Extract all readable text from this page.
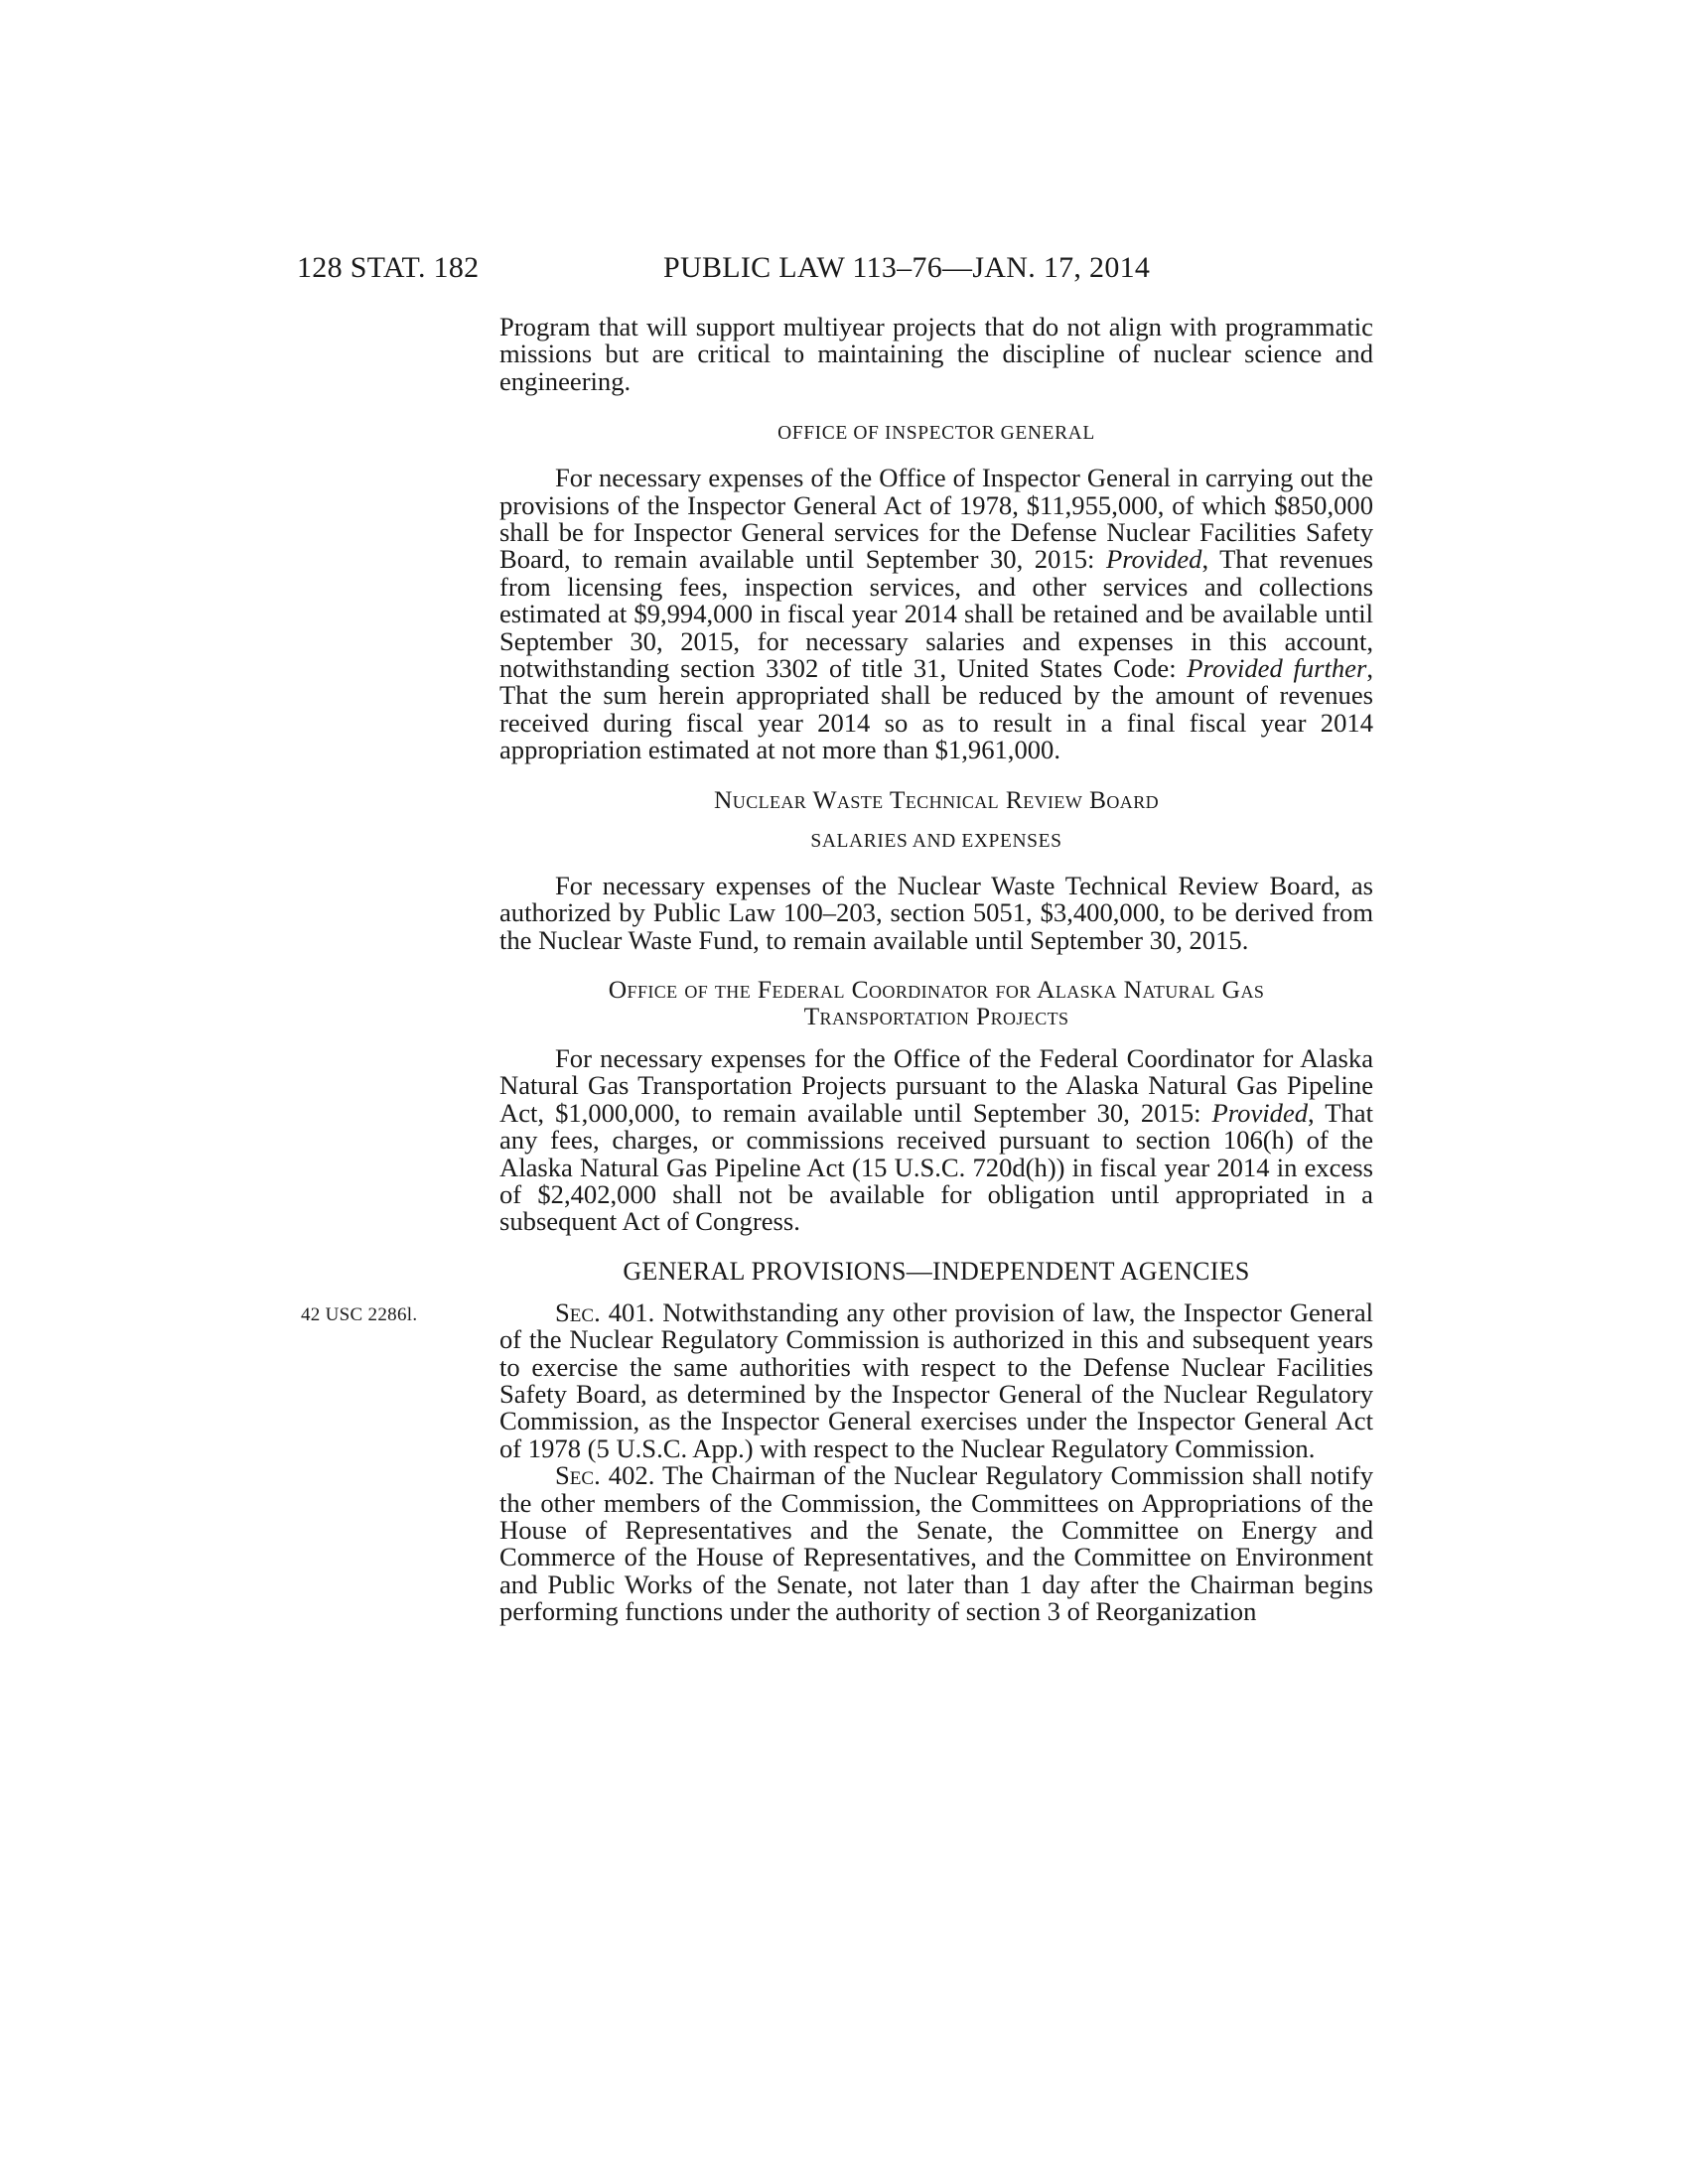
128 STAT. 182	PUBLIC LAW 113–76—JAN. 17, 2014

Program that will support multiyear projects that do not align with programmatic missions but are critical to maintaining the discipline of nuclear science and engineering.

OFFICE OF INSPECTOR GENERAL

For necessary expenses of the Office of Inspector General in carrying out the provisions of the Inspector General Act of 1978, $11,955,000, of which $850,000 shall be for Inspector General services for the Defense Nuclear Facilities Safety Board, to remain available until September 30, 2015: Provided, That revenues from licensing fees, inspection services, and other services and collections estimated at $9,994,000 in fiscal year 2014 shall be retained and be available until September 30, 2015, for necessary salaries and expenses in this account, notwithstanding section 3302 of title 31, United States Code: Provided further, That the sum herein appropriated shall be reduced by the amount of revenues received during fiscal year 2014 so as to result in a final fiscal year 2014 appropriation estimated at not more than $1,961,000.

Nuclear Waste Technical Review Board
SALARIES AND EXPENSES

For necessary expenses of the Nuclear Waste Technical Review Board, as authorized by Public Law 100–203, section 5051, $3,400,000, to be derived from the Nuclear Waste Fund, to remain available until September 30, 2015.

Office of the Federal Coordinator for Alaska Natural Gas
Transportation Projects

For necessary expenses for the Office of the Federal Coordinator for Alaska Natural Gas Transportation Projects pursuant to the Alaska Natural Gas Pipeline Act, $1,000,000, to remain available until September 30, 2015: Provided, That any fees, charges, or commissions received pursuant to section 106(h) of the Alaska Natural Gas Pipeline Act (15 U.S.C. 720d(h)) in fiscal year 2014 in excess of $2,402,000 shall not be available for obligation until appropriated in a subsequent Act of Congress.

GENERAL PROVISIONS—INDEPENDENT AGENCIES
42 USC 2286l.	Sec. 401. Notwithstanding any other provision of law, the Inspector General of the Nuclear Regulatory Commission is authorized in this and subsequent years to exercise the same authorities with respect to the Defense Nuclear Facilities Safety Board, as determined by the Inspector General of the Nuclear Regulatory Commission, as the Inspector General exercises under the Inspector General Act of 1978 (5 U.S.C. App.) with respect to the Nuclear Regulatory Commission.

Sec. 402. The Chairman of the Nuclear Regulatory Commission shall notify the other members of the Commission, the Committees on Appropriations of the House of Representatives and the Senate, the Committee on Energy and Commerce of the House of Representatives, and the Committee on Environment and Public Works of the Senate, not later than 1 day after the Chairman begins performing functions under the authority of section 3 of Reorganization
